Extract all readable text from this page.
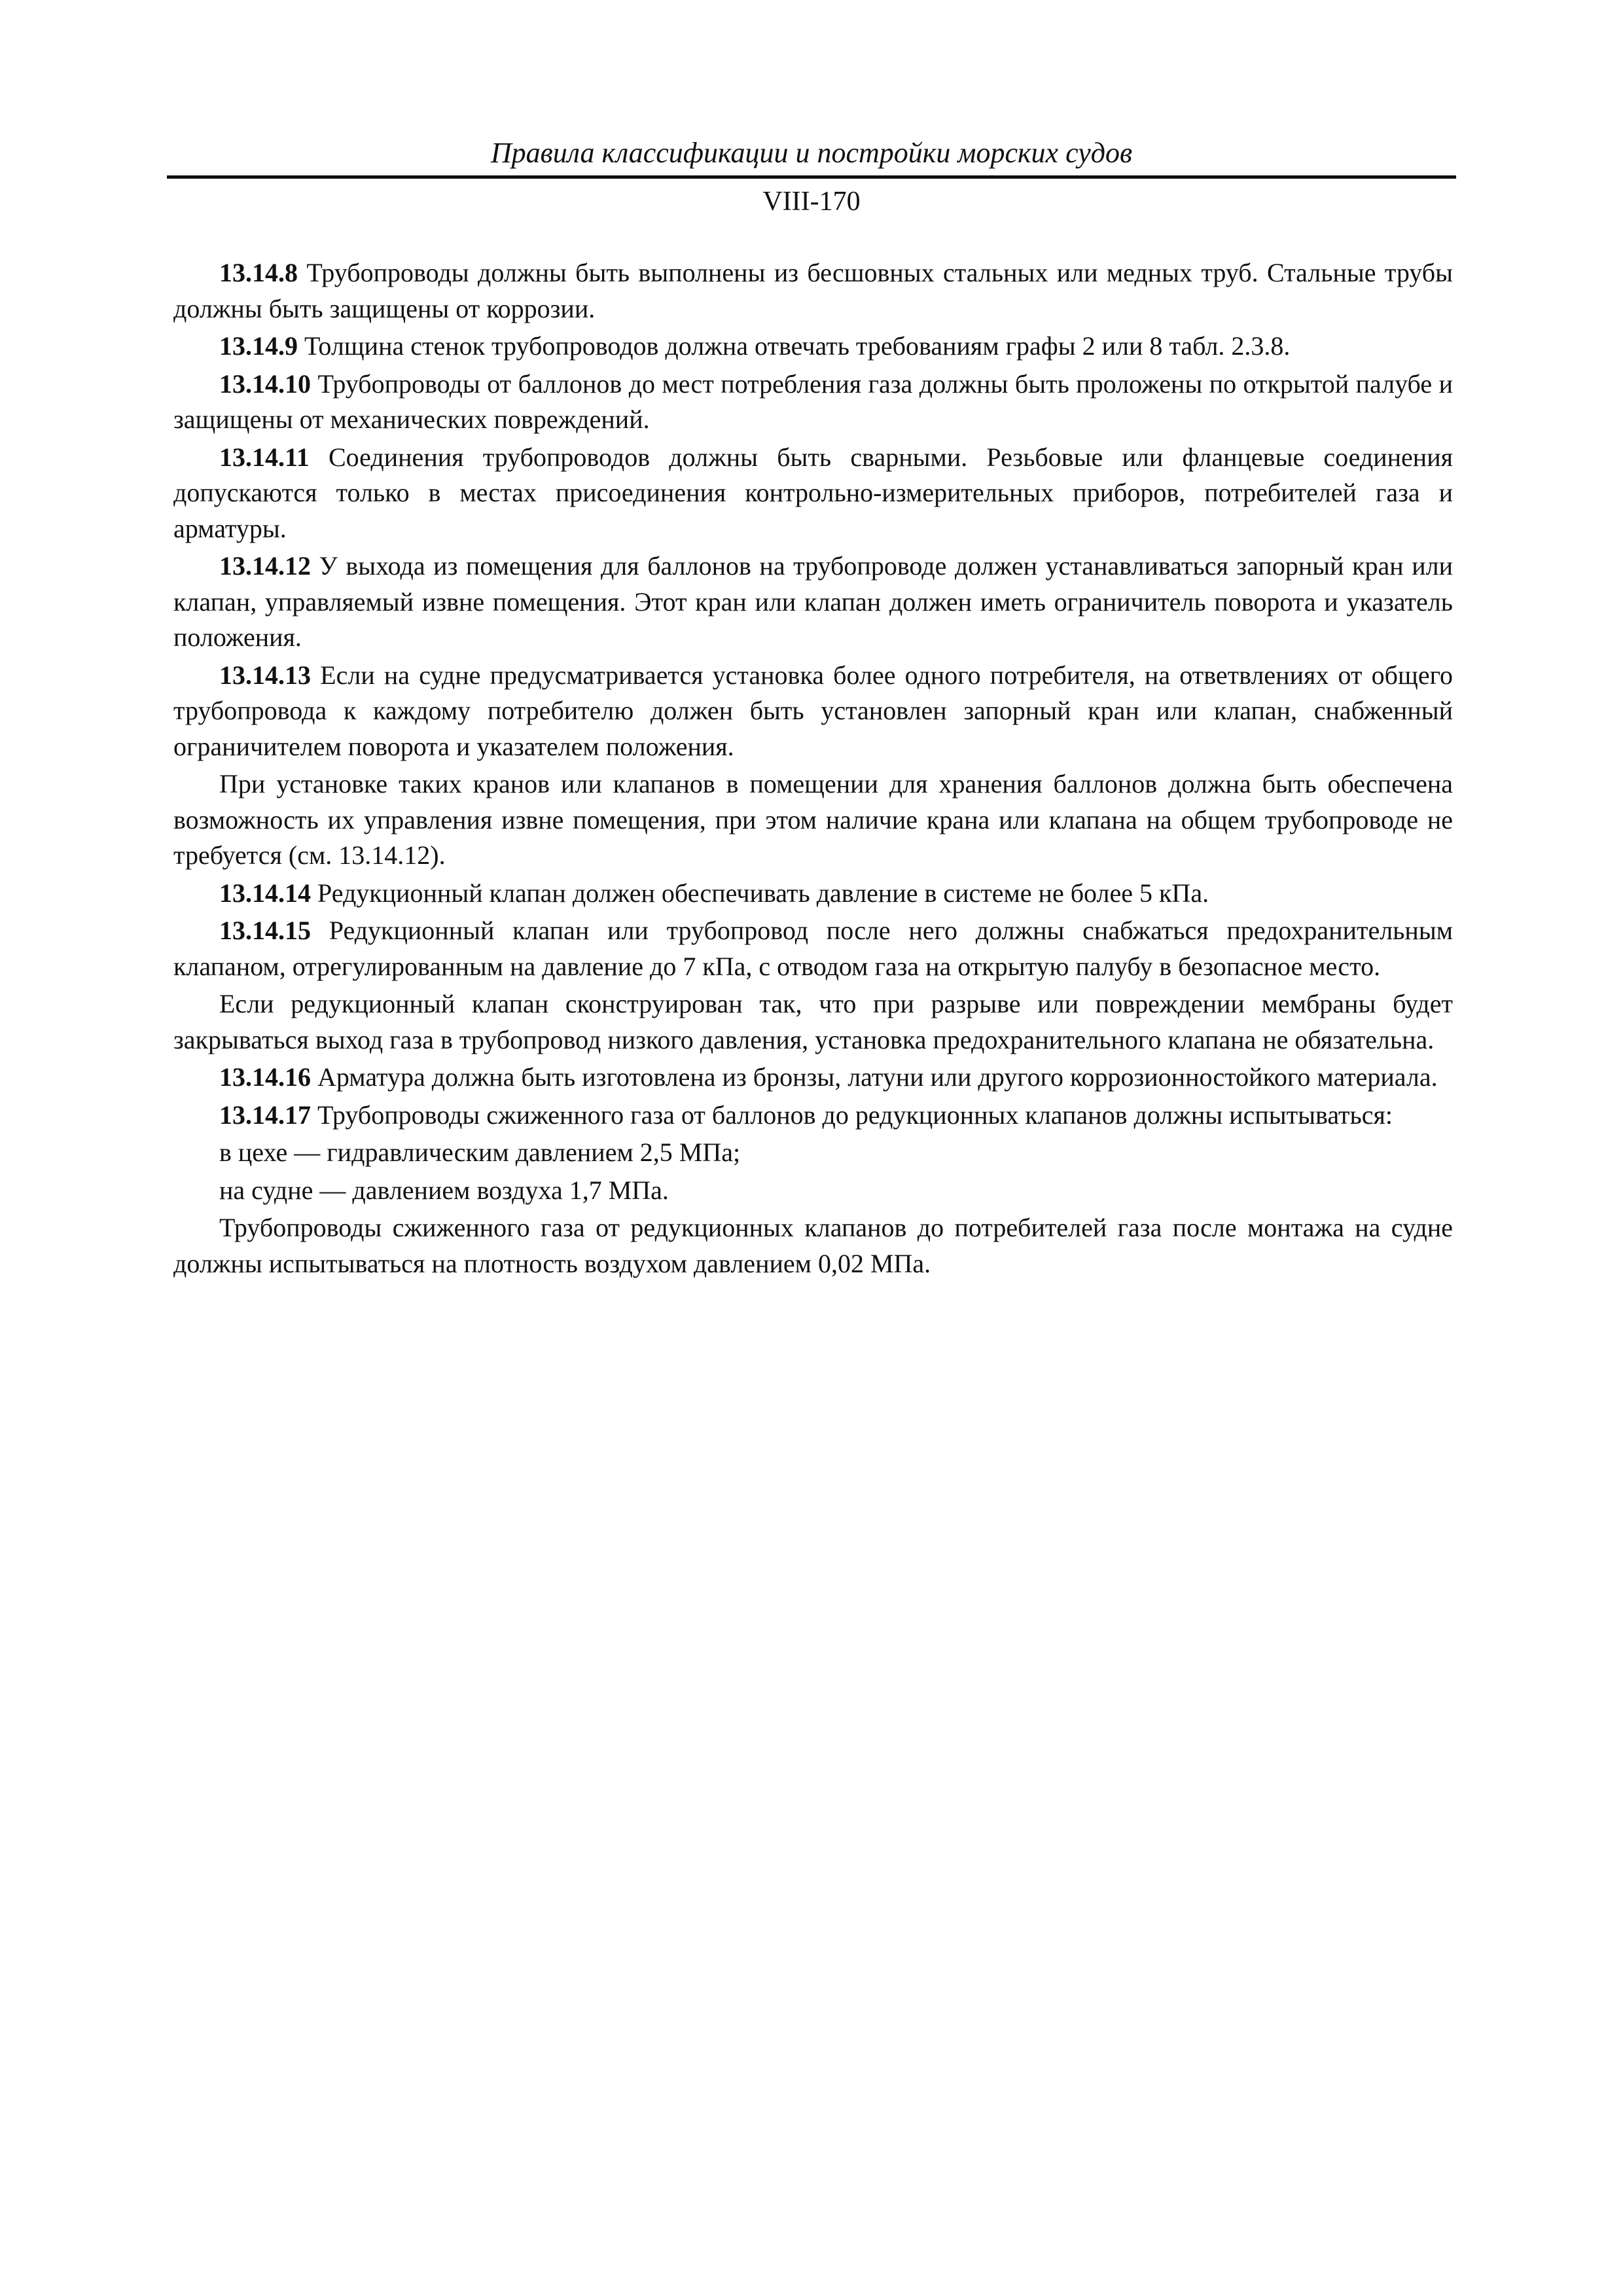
Правила классификации и постройки морских судов
VIII-170

13.14.8 Трубопроводы должны быть выполнены из бесшовных стальных или медных труб. Стальные трубы должны быть защищены от коррозии.

13.14.9 Толщина стенок трубопроводов должна отвечать требованиям графы 2 или 8 табл. 2.3.8.

13.14.10 Трубопроводы от баллонов до мест потребления газа должны быть проложены по открытой палубе и защищены от механических повреждений.

13.14.11 Соединения трубопроводов должны быть сварными. Резьбовые или фланцевые соединения допускаются только в местах присоединения контрольно-измерительных приборов, потребителей газа и арматуры.

13.14.12 У выхода из помещения для баллонов на трубопроводе должен устанавливаться запорный кран или клапан, управляемый извне помещения. Этот кран или клапан должен иметь ограничитель поворота и указатель положения.

13.14.13 Если на судне предусматривается установка более одного потребителя, на ответвлениях от общего трубопровода к каждому потребителю должен быть установлен запорный кран или клапан, снабженный ограничителем поворота и указателем положения.

При установке таких кранов или клапанов в помещении для хранения баллонов должна быть обеспечена возможность их управления извне помещения, при этом наличие крана или клапана на общем трубопроводе не требуется (см. 13.14.12).

13.14.14 Редукционный клапан должен обеспечивать давление в системе не более 5 кПа.

13.14.15 Редукционный клапан или трубопровод после него должны снабжаться предохранительным клапаном, отрегулированным на давление до 7 кПа, с отводом газа на открытую палубу в безопасное место.

Если редукционный клапан сконструирован так, что при разрыве или повреждении мембраны будет закрываться выход газа в трубопровод низкого давления, установка предохранительного клапана не обязательна.

13.14.16 Арматура должна быть изготовлена из бронзы, латуни или другого коррозионностойкого материала.

13.14.17 Трубопроводы сжиженного газа от баллонов до редукционных клапанов должны испытываться:

в цехе — гидравлическим давлением 2,5 МПа;

на судне — давлением воздуха 1,7 МПа.

Трубопроводы сжиженного газа от редукционных клапанов до потребителей газа после монтажа на судне должны испытываться на плотность воздухом давлением 0,02 МПа.
